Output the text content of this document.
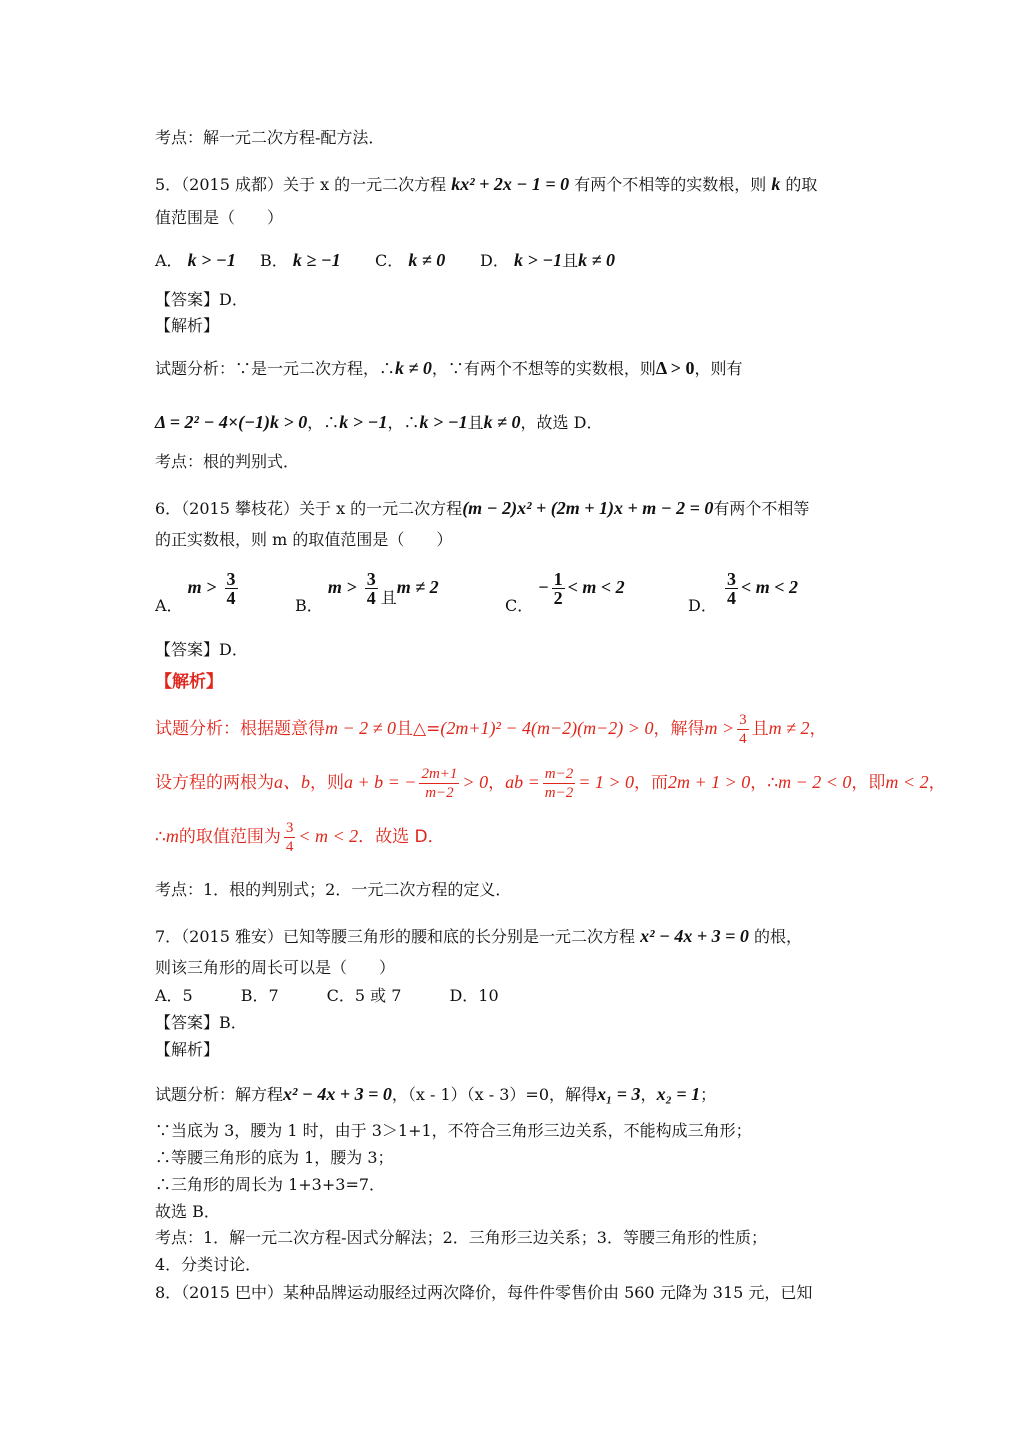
考点：解一元二次方程-配方法．
5．（2015 成都）关于 x 的一元二次方程 kx² + 2x − 1 = 0 有两个不相等的实数根，则 k 的取
值范围是（　　）
A． k > −1 B． k ≥ −1 C． k ≠ 0 D． k > −1且k ≠ 0
【答案】D．
【解析】
试题分析：∵是一元二次方程，∴k ≠ 0，∵有两个不想等的实数根，则Δ > 0，则有
Δ = 2² − 4×(−1)k > 0，∴k > −1，∴k > −1且k ≠ 0，故选 D．
考点：根的判别式．
6．（2015 攀枝花）关于 x 的一元二次方程(m − 2)x² + (2m + 1)x + m − 2 = 0有两个不相等
的正实数根，则 m 的取值范围是（　　）
A． $m > \frac{3}{4}$	B． $m > \frac{3}{4}$ 且m ≠ 2
C． − $\frac{1}{2} < m < 2$
D． $\frac{3}{4} < m < 2$
【答案】D．
【解析】
试题分析：根据题意得m − 2 ≠ 0且△=(2m+1)² − 4(m−2)(m−2) > 0，解得$m > \frac{3}{4}$ 且m ≠ 2，
设方程的两根为a、b，则a + b = − $\frac{2m+1}{m-2} > 0$，ab = $\frac{m-2}{m-2} = 1 > 0$，而2m + 1 > 0，∴m − 2 < 0，即m < 2，
∴m的取值范围为 $\frac{3}{4} < m < 2$．故选 D．
考点：1．根的判别式；2．一元二次方程的定义．
7．（2015 雅安）已知等腰三角形的腰和底的长分别是一元二次方程 x² − 4x + 3 = 0 的根，
则该三角形的周长可以是（　　）
A．5　　　B．7　　　C．5 或 7　　　D．10
【答案】B．
【解析】
试题分析：解方程x² − 4x + 3 = 0，（x - 1）（x - 3）=0，解得x₁ = 3，x₂ = 1；
∵当底为 3，腰为 1 时，由于 3＞1+1，不符合三角形三边关系，不能构成三角形；
∴等腰三角形的底为 1，腰为 3；
∴三角形的周长为 1+3+3=7．
故选 B．
考点：1．解一元二次方程-因式分解法；2．三角形三边关系；3．等腰三角形的性质；
4．分类讨论．
8．（2015 巴中）某种品牌运动服经过两次降价，每件件零售价由 560 元降为 315 元，已知
